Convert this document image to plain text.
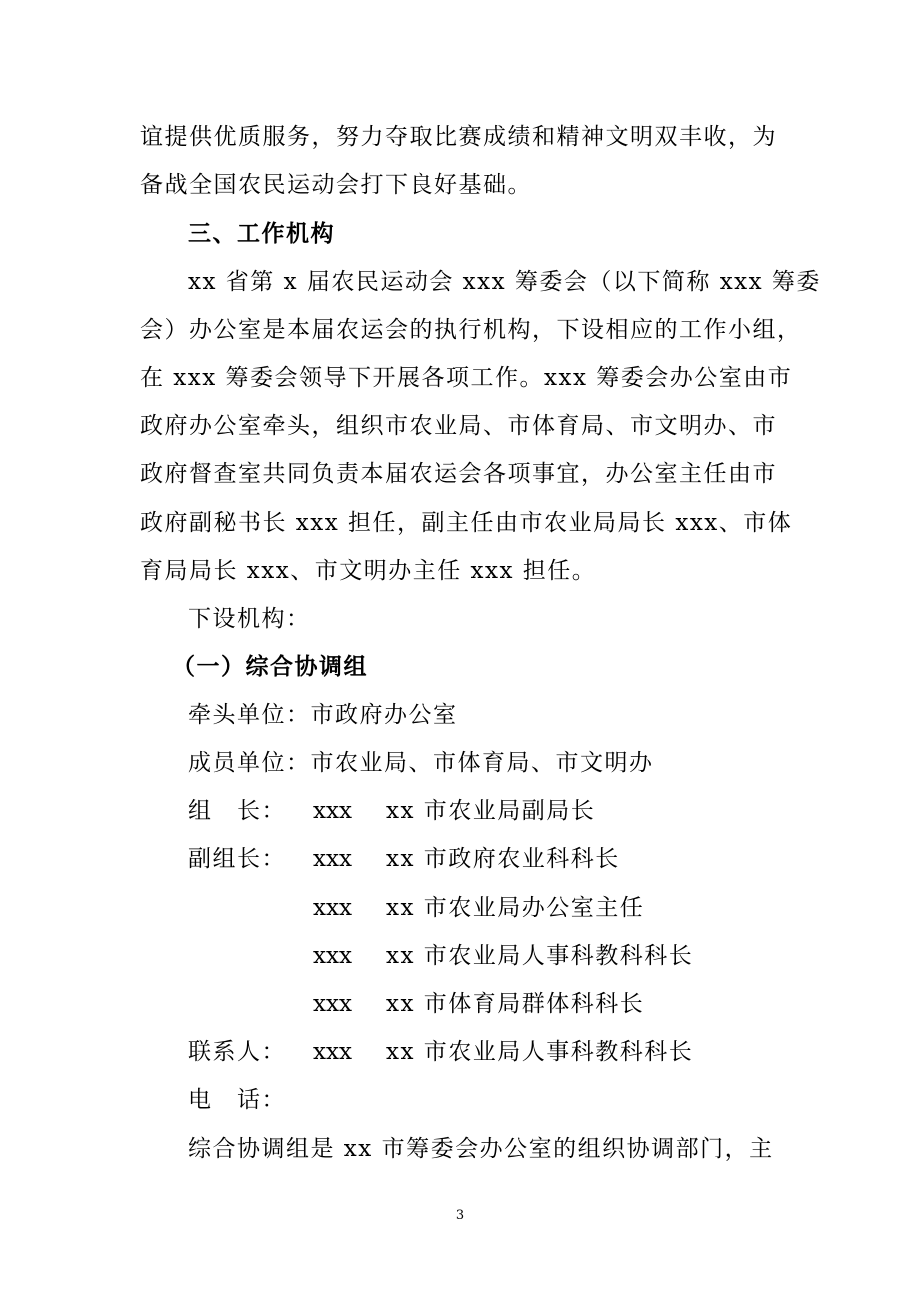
谊提供优质服务，努力夺取比赛成绩和精神文明双丰收，为
备战全国农民运动会打下良好基础。
三、工作机构
xx 省第 x 届农民运动会 xxx 筹委会（以下简称 xxx 筹委
会）办公室是本届农运会的执行机构，下设相应的工作小组，
在 xxx 筹委会领导下开展各项工作。xxx 筹委会办公室由市
政府办公室牵头，组织市农业局、市体育局、市文明办、市
政府督查室共同负责本届农运会各项事宜，办公室主任由市
政府副秘书长 xxx 担任，副主任由市农业局局长 xxx、市体
育局局长 xxx、市文明办主任 xxx 担任。
下设机构：
（一）综合协调组
牵头单位：市政府办公室
成员单位：市农业局、市体育局、市文明办
组　长： xxx xx 市农业局副局长
副组长： xxx xx 市政府农业科科长
xxx xx 市农业局办公室主任
xxx xx 市农业局人事科教科科长
xxx xx 市体育局群体科科长
联系人： xxx xx 市农业局人事科教科科长
电　话：
综合协调组是 xx 市筹委会办公室的组织协调部门，主
3
